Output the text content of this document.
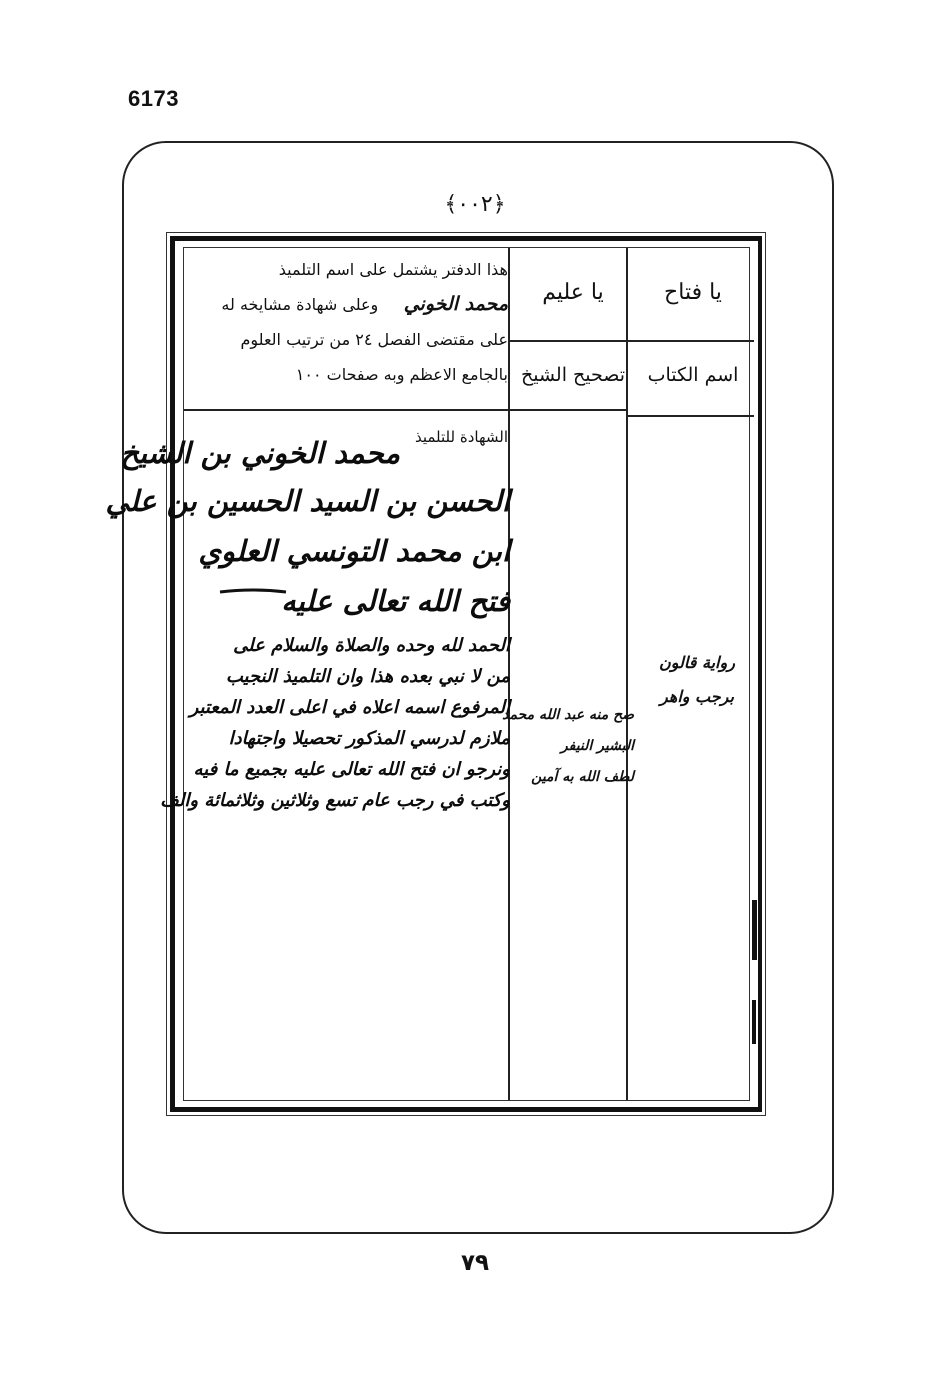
6173
﴿٠٠٢﴾
يا فتاح
اسم الكتاب
يا عليم
تصحيح الشيخ
هذا الدفتر يشتمل على اسم التلميذ
محمد الخوني     وعلى شهادة مشايخه له
على مقتضى الفصل ٢٤ من ترتيب العلوم
بالجامع الاعظم وبه صفحات ١٠٠
الشهادة للتلميذ
محمد الخوني بن الشيخ
الحسن بن السيد الحسين بن علي
ابن محمد التونسي العلوي
فتح الله تعالى عليه
الحمد لله وحده والصلاة والسلام على
من لا نبي بعده هذا وان التلميذ النجيب
المرفوع اسمه اعلاه في اعلى العدد المعتبر
ملازم لدرسي المذكور تحصيلا واجتهادا
ونرجو ان فتح الله تعالى عليه بجميع ما فيه
وكتب في رجب عام تسع وثلاثين وثلاثمائة والف
صح منه عبد الله محمد
البشير النيفر
لطف الله به آمين
رواية قالون
برجب واهر
٧٩
